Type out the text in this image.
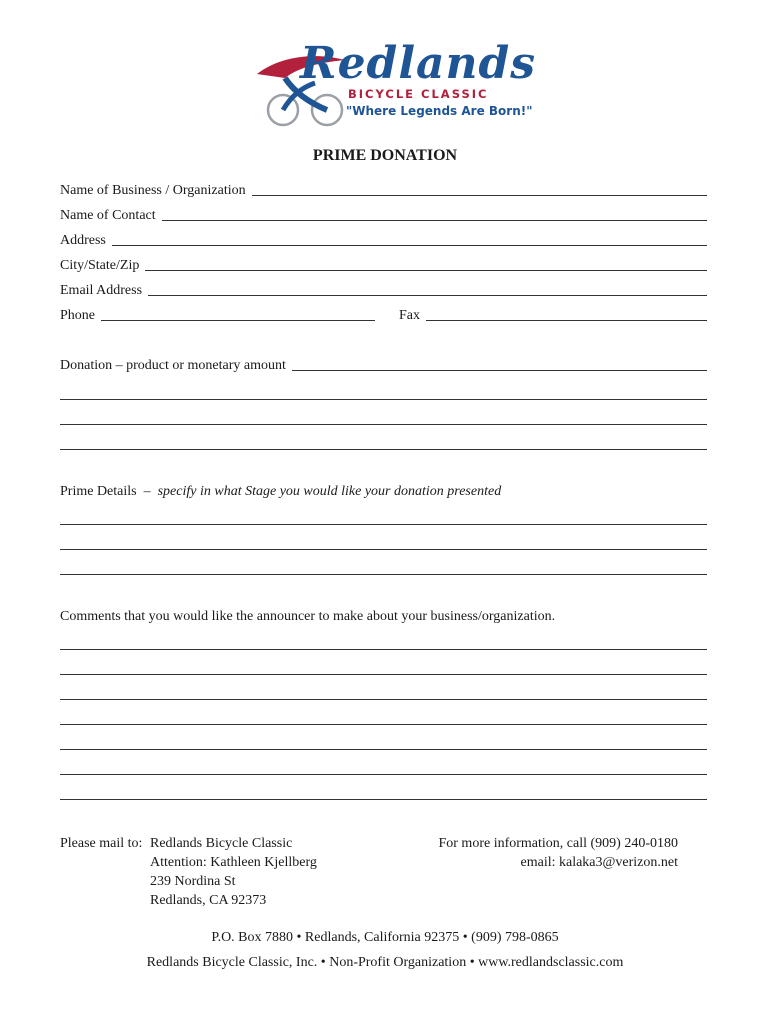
Redlands
BICYCLE CLASSIC
"Where Legends Are Born!"
PRIME DONATION
Name of Business / Organization
Name of Contact
Address
City/State/Zip
Email Address
Phone	Fax
Donation – product or monetary amount
Prime Details – specify in what Stage you would like your donation presented
Comments that you would like the announcer to make about your business/organization.
Please mail to: Redlands Bicycle Classic
Attention: Kathleen Kjellberg
239 Nordina St
Redlands, CA 92373
For more information, call (909) 240-0180
email: kalaka3@verizon.net
P.O. Box 7880 • Redlands, California 92375 • (909) 798-0865
Redlands Bicycle Classic, Inc. • Non-Profit Organization • www.redlandsclassic.com
